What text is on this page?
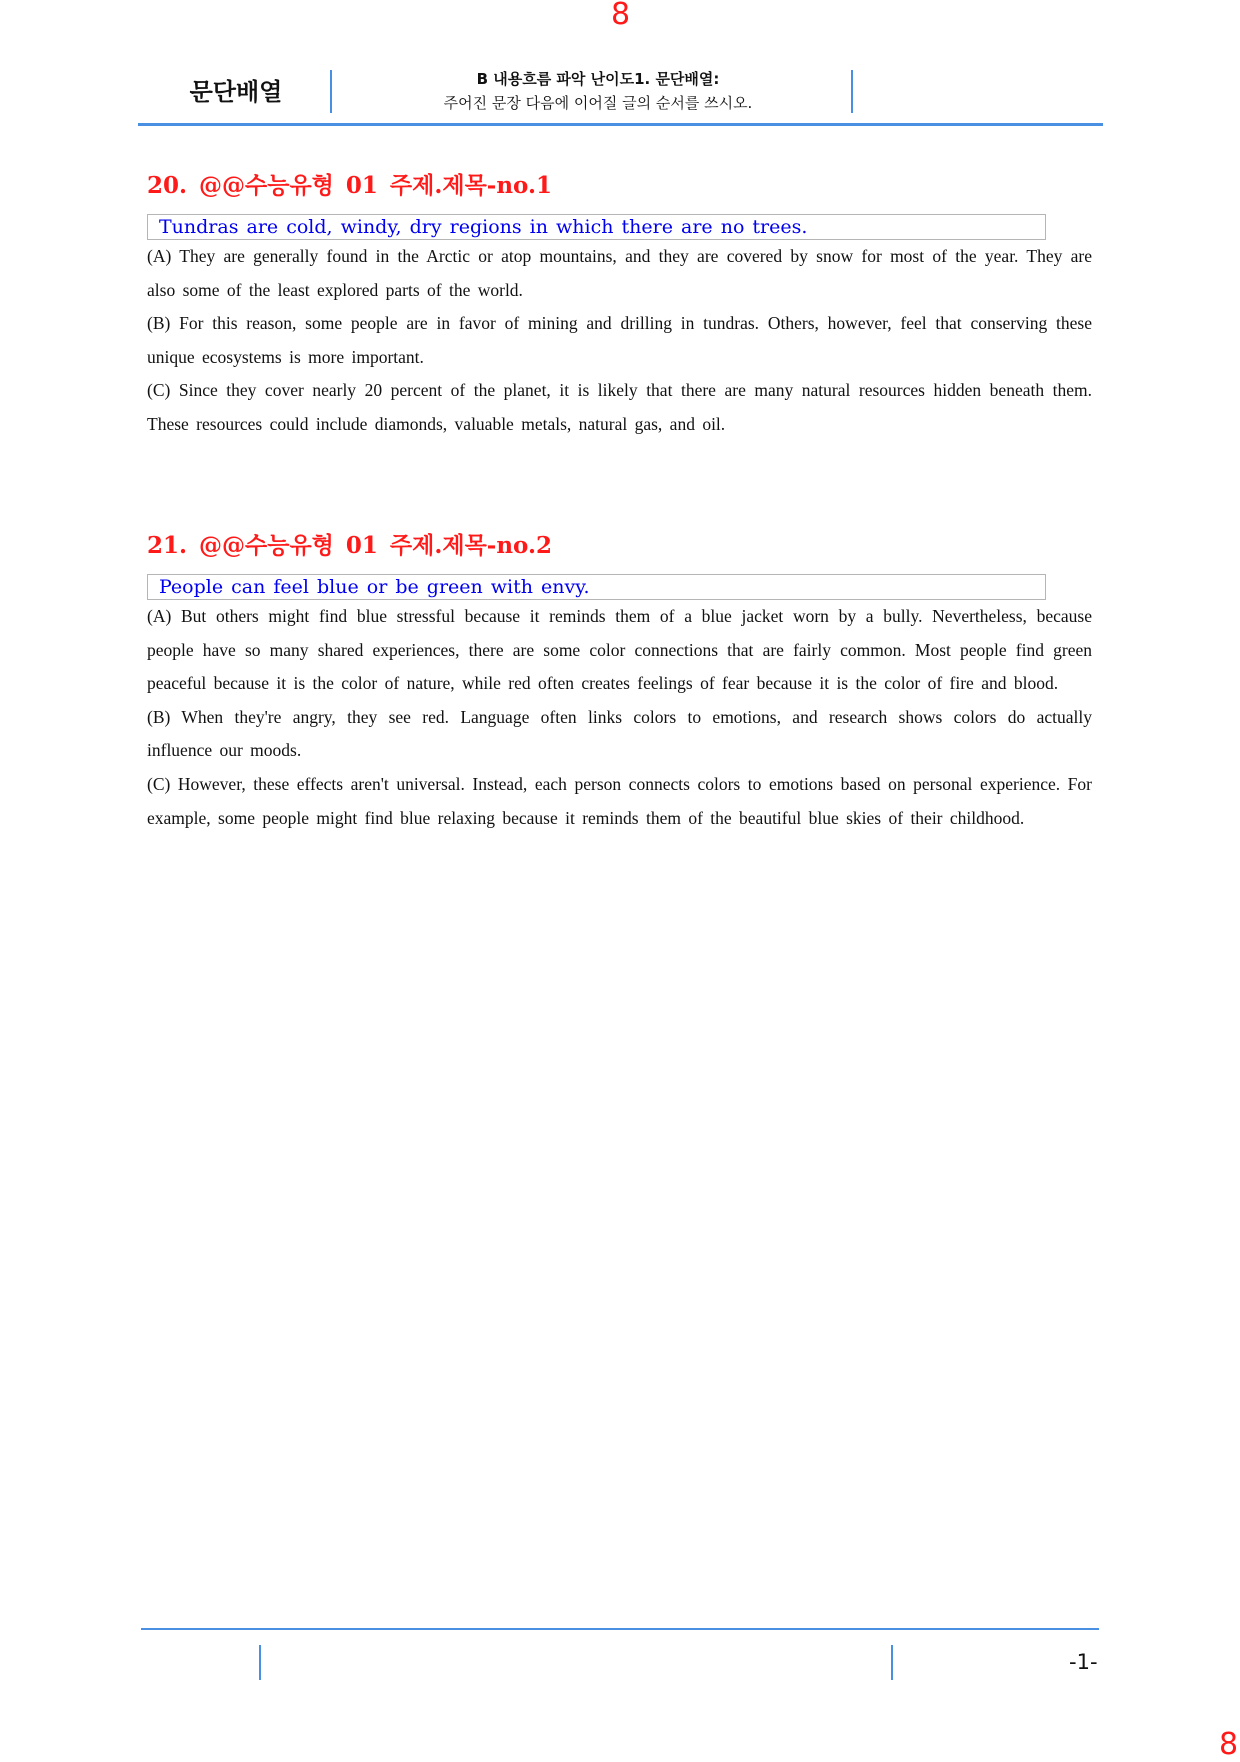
8
문단배열	B 내용흐름 파악 난이도1. 문단배열:
주어진 문장 다음에 이어질 글의 순서를 쓰시오.
20. @@수능유형 01 주제.제목-no.1
Tundras are cold, windy, dry regions in which there are no trees.

(A) They are generally found in the Arctic or atop mountains, and they are covered by snow for most of the year. They are also some of the least explored parts of the world.

(B) For this reason, some people are in favor of mining and drilling in tundras. Others, however, feel that conserving these unique ecosystems is more important.

(C) Since they cover nearly 20 percent of the planet, it is likely that there are many natural resources hidden beneath them. These resources could include diamonds, valuable metals, natural gas, and oil.

21. @@수능유형 01 주제.제목-no.2
People can feel blue or be green with envy.

(A) But others might find blue stressful because it reminds them of a blue jacket worn by a bully. Nevertheless, because people have so many shared experiences, there are some color connections that are fairly common. Most people find green peaceful because it is the color of nature, while red often creates feelings of fear because it is the color of fire and blood.

(B) When they're angry, they see red. Language often links colors to emotions, and research shows colors do actually influence our moods.

(C) However, these effects aren't universal. Instead, each person connects colors to emotions based on personal experience. For example, some people might find blue relaxing because it reminds them of the beautiful blue skies of their childhood.

-1-
8
